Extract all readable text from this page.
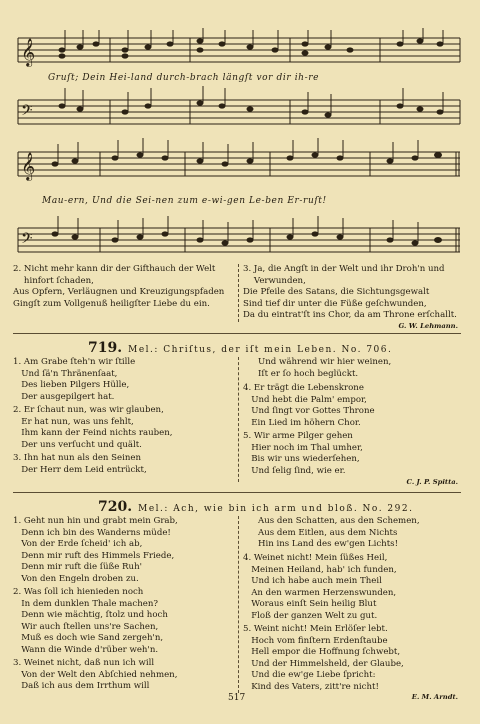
𝄞
Gruſt; Dein Hei-land durch-brach längſt vor dir ih-re
𝄢
𝄞
Mau-ern, Und die Sei-nen zum e-wi-gen Le-ben Er-ruſt!
𝄢
2. Nicht mehr kann dir der Gifthauch der Welt
hinfort ſchaden,
Aus Opfern, Verläugnen und Kreuzigungspfaden
Gingſt zum Vollgenuß heiligſter Liebe du ein.
3. Ja, die Angſt in der Welt und ihr Droh'n und
Verwunden,
Die Pfeile des Satans, die Sichtungsgewalt
Sind tief dir unter die Füße geſchwunden,
Da du eintrat'ſt ins Chor, da am Throne erſchallt.
G. W. Lehmann.
719. Mel.: Chriſtus, der iſt mein Leben. No. 706.
1. Am Grabe ſteh'n wir ſtille
Und ſä'n Thränenſaat,
Des lieben Pilgers Hülle,
Der ausgepilgert hat.
2. Er ſchaut nun, was wir glauben,
Er hat nun, was uns fehlt,
Ihm kann der Feind nichts rauben,
Der uns verſucht und quält.
3. Ihn hat nun als den Seinen
Der Herr dem Leid entrückt,
Und während wir hier weinen,
Iſt er ſo hoch beglückt.
4. Er trägt die Lebenskrone
Und hebt die Palm' empor,
Und ſingt vor Gottes Throne
Ein Lied im höhern Chor.
5. Wir arme Pilger gehen
Hier noch im Thal umher,
Bis wir uns wiederſehen,
Und ſelig ſind, wie er.
C. J. P. Spitta.
720. Mel.: Ach, wie bin ich arm und bloß. No. 292.
1. Geht nun hin und grabt mein Grab,
Denn ich bin des Wanderns müde!
Von der Erde ſcheid' ich ab,
Denn mir ruft des Himmels Friede,
Denn mir ruft die ſüße Ruh'
Von den Engeln droben zu.
2. Was ſoll ich hienieden noch
In dem dunklen Thale machen?
Denn wie mächtig, ſtolz und hoch
Wir auch ſtellen uns're Sachen,
Muß es doch wie Sand zergeh'n,
Wann die Winde d'rüber weh'n.
3. Weinet nicht, daß nun ich will
Von der Welt den Abſchied nehmen,
Daß ich aus dem Irrthum will
Aus den Schatten, aus den Schemen,
Aus dem Eitlen, aus dem Nichts
Hin ins Land des ew'gen Lichts!
4. Weinet nicht! Mein ſüßes Heil,
Meinen Heiland, hab' ich funden,
Und ich habe auch mein Theil
An den warmen Herzenswunden,
Woraus einſt Sein heilig Blut
Floß der ganzen Welt zu gut.
5. Weint nicht! Mein Erlöſer lebt.
Hoch vom finſtern Erdenſtaube
Hell empor die Hoffnung ſchwebt,
Und der Himmelsheld, der Glaube,
Und die ew'ge Liebe ſpricht:
Kind des Vaters, zitt're nicht!
E. M. Arndt.
517
